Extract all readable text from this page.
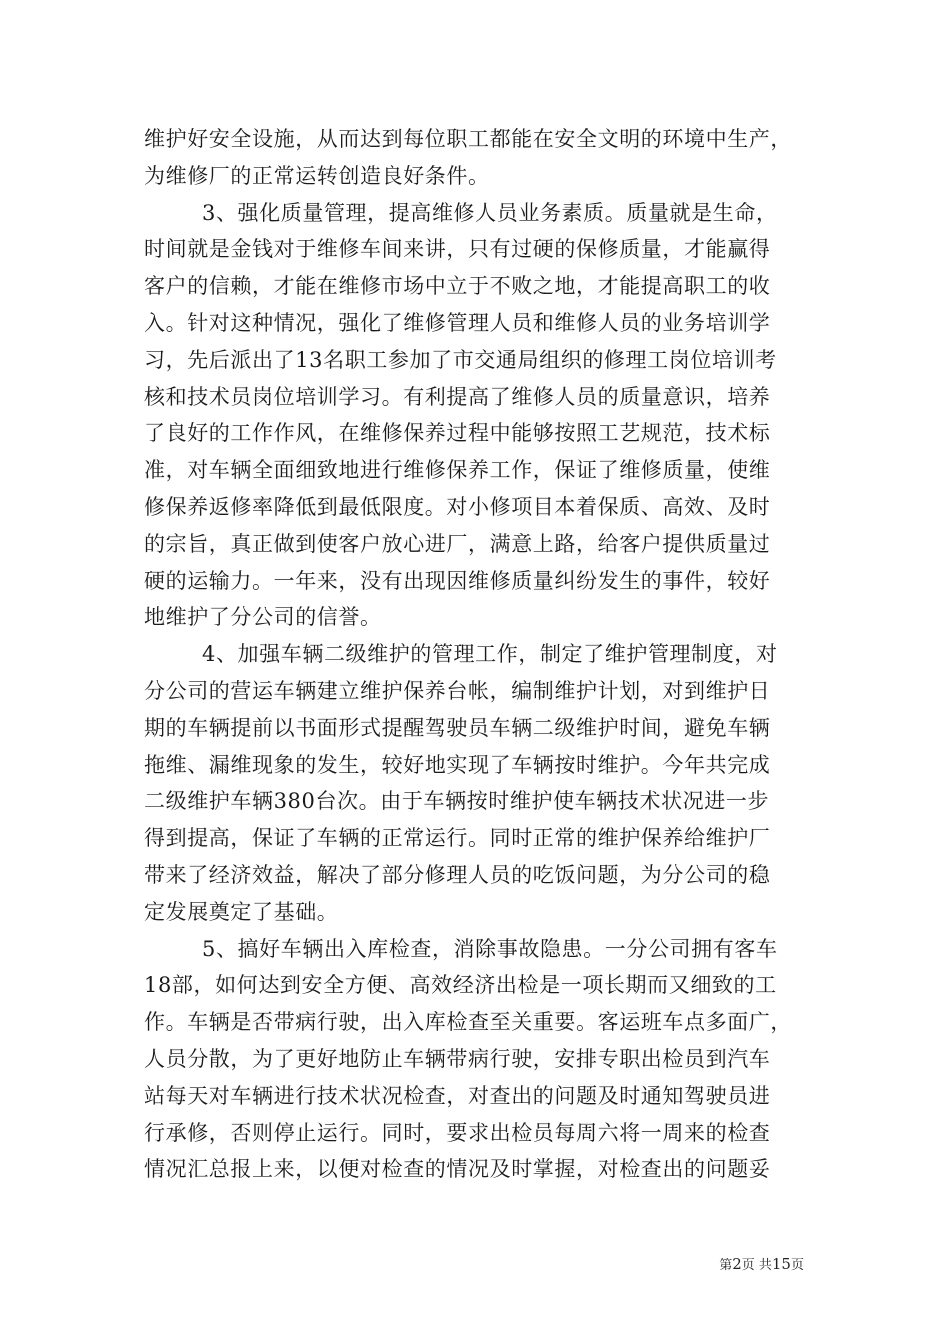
维护好安全设施，从而达到每位职工都能在安全文明的环境中生产，
为维修厂的正常运转创造良好条件。
3、强化质量管理，提高维修人员业务素质。质量就是生命，
时间就是金钱对于维修车间来讲，只有过硬的保修质量，才能赢得
客户的信赖，才能在维修市场中立于不败之地，才能提高职工的收
入。针对这种情况，强化了维修管理人员和维修人员的业务培训学
习，先后派出了13名职工参加了市交通局组织的修理工岗位培训考
核和技术员岗位培训学习。有利提高了维修人员的质量意识，培养
了良好的工作作风，在维修保养过程中能够按照工艺规范，技术标
准，对车辆全面细致地进行维修保养工作，保证了维修质量，使维
修保养返修率降低到最低限度。对小修项目本着保质、高效、及时
的宗旨，真正做到使客户放心进厂，满意上路，给客户提供质量过
硬的运输力。一年来，没有出现因维修质量纠纷发生的事件，较好
地维护了分公司的信誉。
4、加强车辆二级维护的管理工作，制定了维护管理制度，对
分公司的营运车辆建立维护保养台帐，编制维护计划，对到维护日
期的车辆提前以书面形式提醒驾驶员车辆二级维护时间，避免车辆
拖维、漏维现象的发生，较好地实现了车辆按时维护。今年共完成
二级维护车辆380台次。由于车辆按时维护使车辆技术状况进一步
得到提高，保证了车辆的正常运行。同时正常的维护保养给维护厂
带来了经济效益，解决了部分修理人员的吃饭问题，为分公司的稳
定发展奠定了基础。
5、搞好车辆出入库检查，消除事故隐患。一分公司拥有客车
18部，如何达到安全方便、高效经济出检是一项长期而又细致的工
作。车辆是否带病行驶，出入库检查至关重要。客运班车点多面广，
人员分散，为了更好地防止车辆带病行驶，安排专职出检员到汽车
站每天对车辆进行技术状况检查，对查出的问题及时通知驾驶员进
行承修，否则停止运行。同时，要求出检员每周六将一周来的检查
情况汇总报上来，以便对检查的情况及时掌握，对检查出的问题妥
第2页 共15页
